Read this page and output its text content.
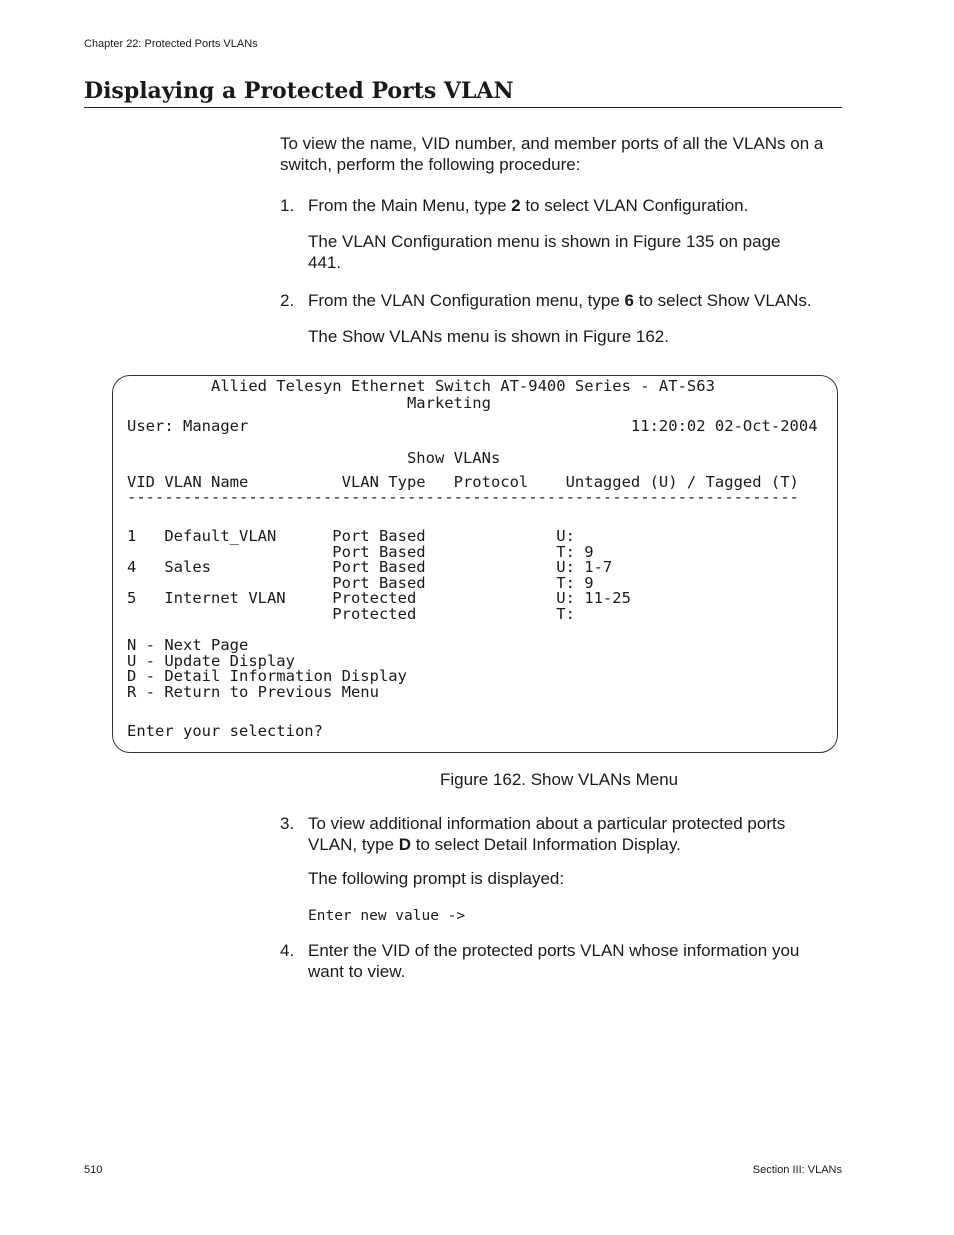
Chapter 22: Protected Ports VLANs
Displaying a Protected Ports VLAN
To view the name, VID number, and member ports of all the VLANs on a switch, perform the following procedure:
1. From the Main Menu, type 2 to select VLAN Configuration.
The VLAN Configuration menu is shown in Figure 135 on page 441.
2. From the VLAN Configuration menu, type 6 to select Show VLANs.
The Show VLANs menu is shown in Figure 162.
Allied Telesyn Ethernet Switch AT-9400 Series - AT-S63
Marketing
User: Manager                                         11:20:02 02-Oct-2004
Show VLANs
VID VLAN Name          VLAN Type   Protocol    Untagged (U) / Tagged (T)
------------------------------------------------------------------------
1   Default_VLAN      Port Based              U:
Port Based              T: 9
4   Sales             Port Based              U: 1-7
Port Based              T: 9
5   Internet VLAN     Protected               U: 11-25
Protected               T:
N - Next Page
U - Update Display
D - Detail Information Display
R - Return to Previous Menu
Enter your selection?
Figure 162. Show VLANs Menu
3. To view additional information about a particular protected ports VLAN, type D to select Detail Information Display.
The following prompt is displayed:
Enter new value ->
4. Enter the VID of the protected ports VLAN whose information you want to view.
510	Section III: VLANs
